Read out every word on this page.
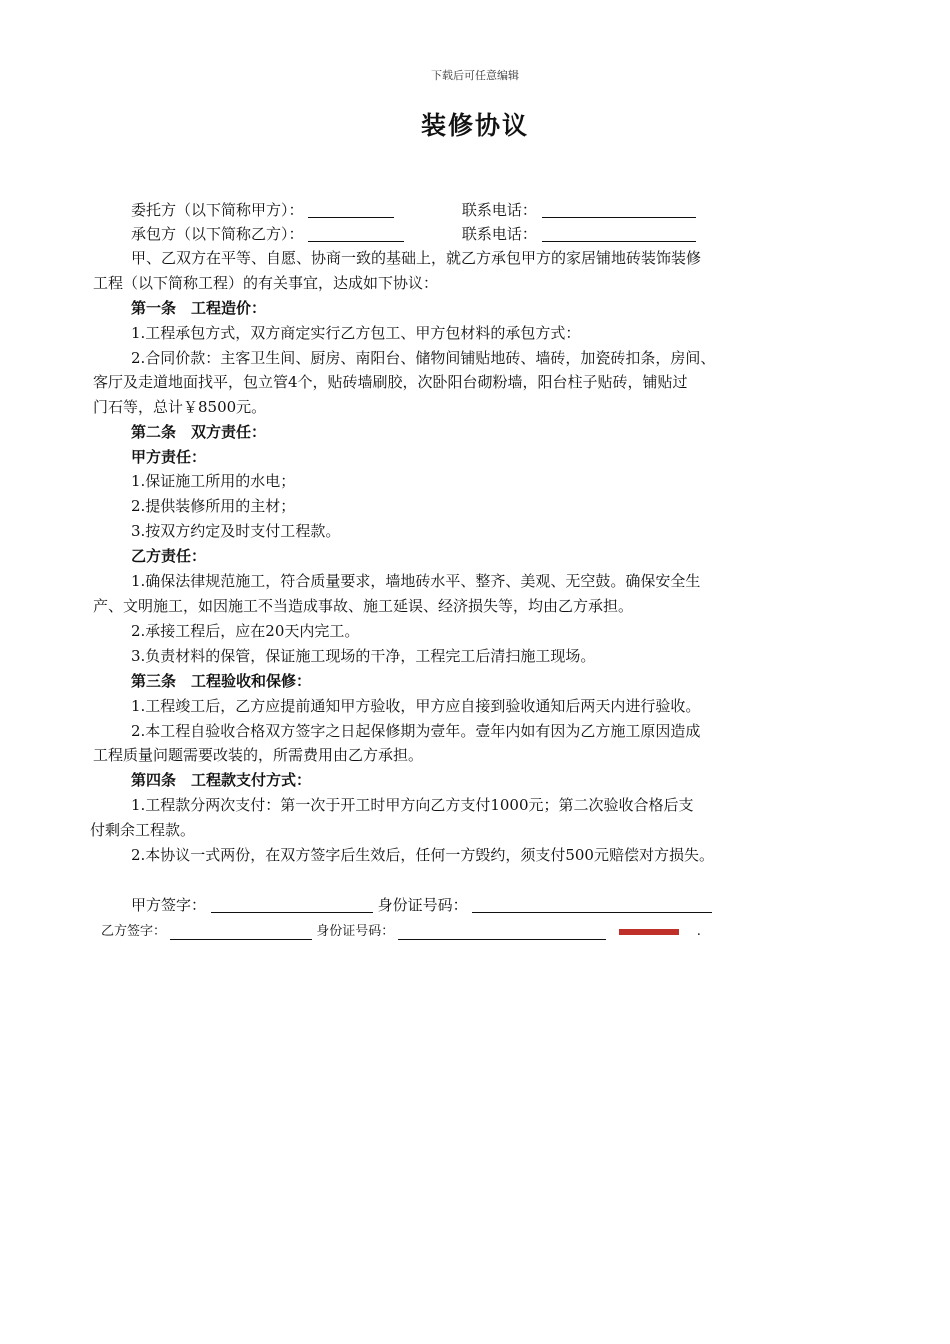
下载后可任意编辑
装修协议
委托方（以下简称甲方）：	联系电话：
承包方（以下简称乙方）：	联系电话：
甲、乙双方在平等、自愿、协商一致的基础上，就乙方承包甲方的家居铺地砖装饰装修
工程（以下简称工程）的有关事宜，达成如下协议：
第一条　工程造价：
1.工程承包方式，双方商定实行乙方包工、甲方包材料的承包方式：
2.合同价款：主客卫生间、厨房、南阳台、储物间铺贴地砖、墙砖，加瓷砖扣条，房间、
客厅及走道地面找平，包立管4个，贴砖墙刷胶，次卧阳台砌粉墙，阳台柱子贴砖，铺贴过
门石等，总计￥8500元。
第二条　双方责任：
甲方责任：
1.保证施工所用的水电；
2.提供装修所用的主材；
3.按双方约定及时支付工程款。
乙方责任：
1.确保法律规范施工，符合质量要求，墙地砖水平、整齐、美观、无空鼓。确保安全生
产、文明施工，如因施工不当造成事故、施工延误、经济损失等，均由乙方承担。
2.承接工程后，应在20天内完工。
3.负责材料的保管，保证施工现场的干净，工程完工后清扫施工现场。
第三条　工程验收和保修：
1.工程竣工后，乙方应提前通知甲方验收，甲方应自接到验收通知后两天内进行验收。
2.本工程自验收合格双方签字之日起保修期为壹年。壹年内如有因为乙方施工原因造成
工程质量问题需要改装的，所需费用由乙方承担。
第四条　工程款支付方式：
1.工程款分两次支付：第一次于开工时甲方向乙方支付1000元；第二次验收合格后支
付剩余工程款。
2.本协议一式两份，在双方签字后生效后，任何一方毁约，须支付500元赔偿对方损失。
甲方签字：	身份证号码：
乙方签字：	身份证号码：	.
